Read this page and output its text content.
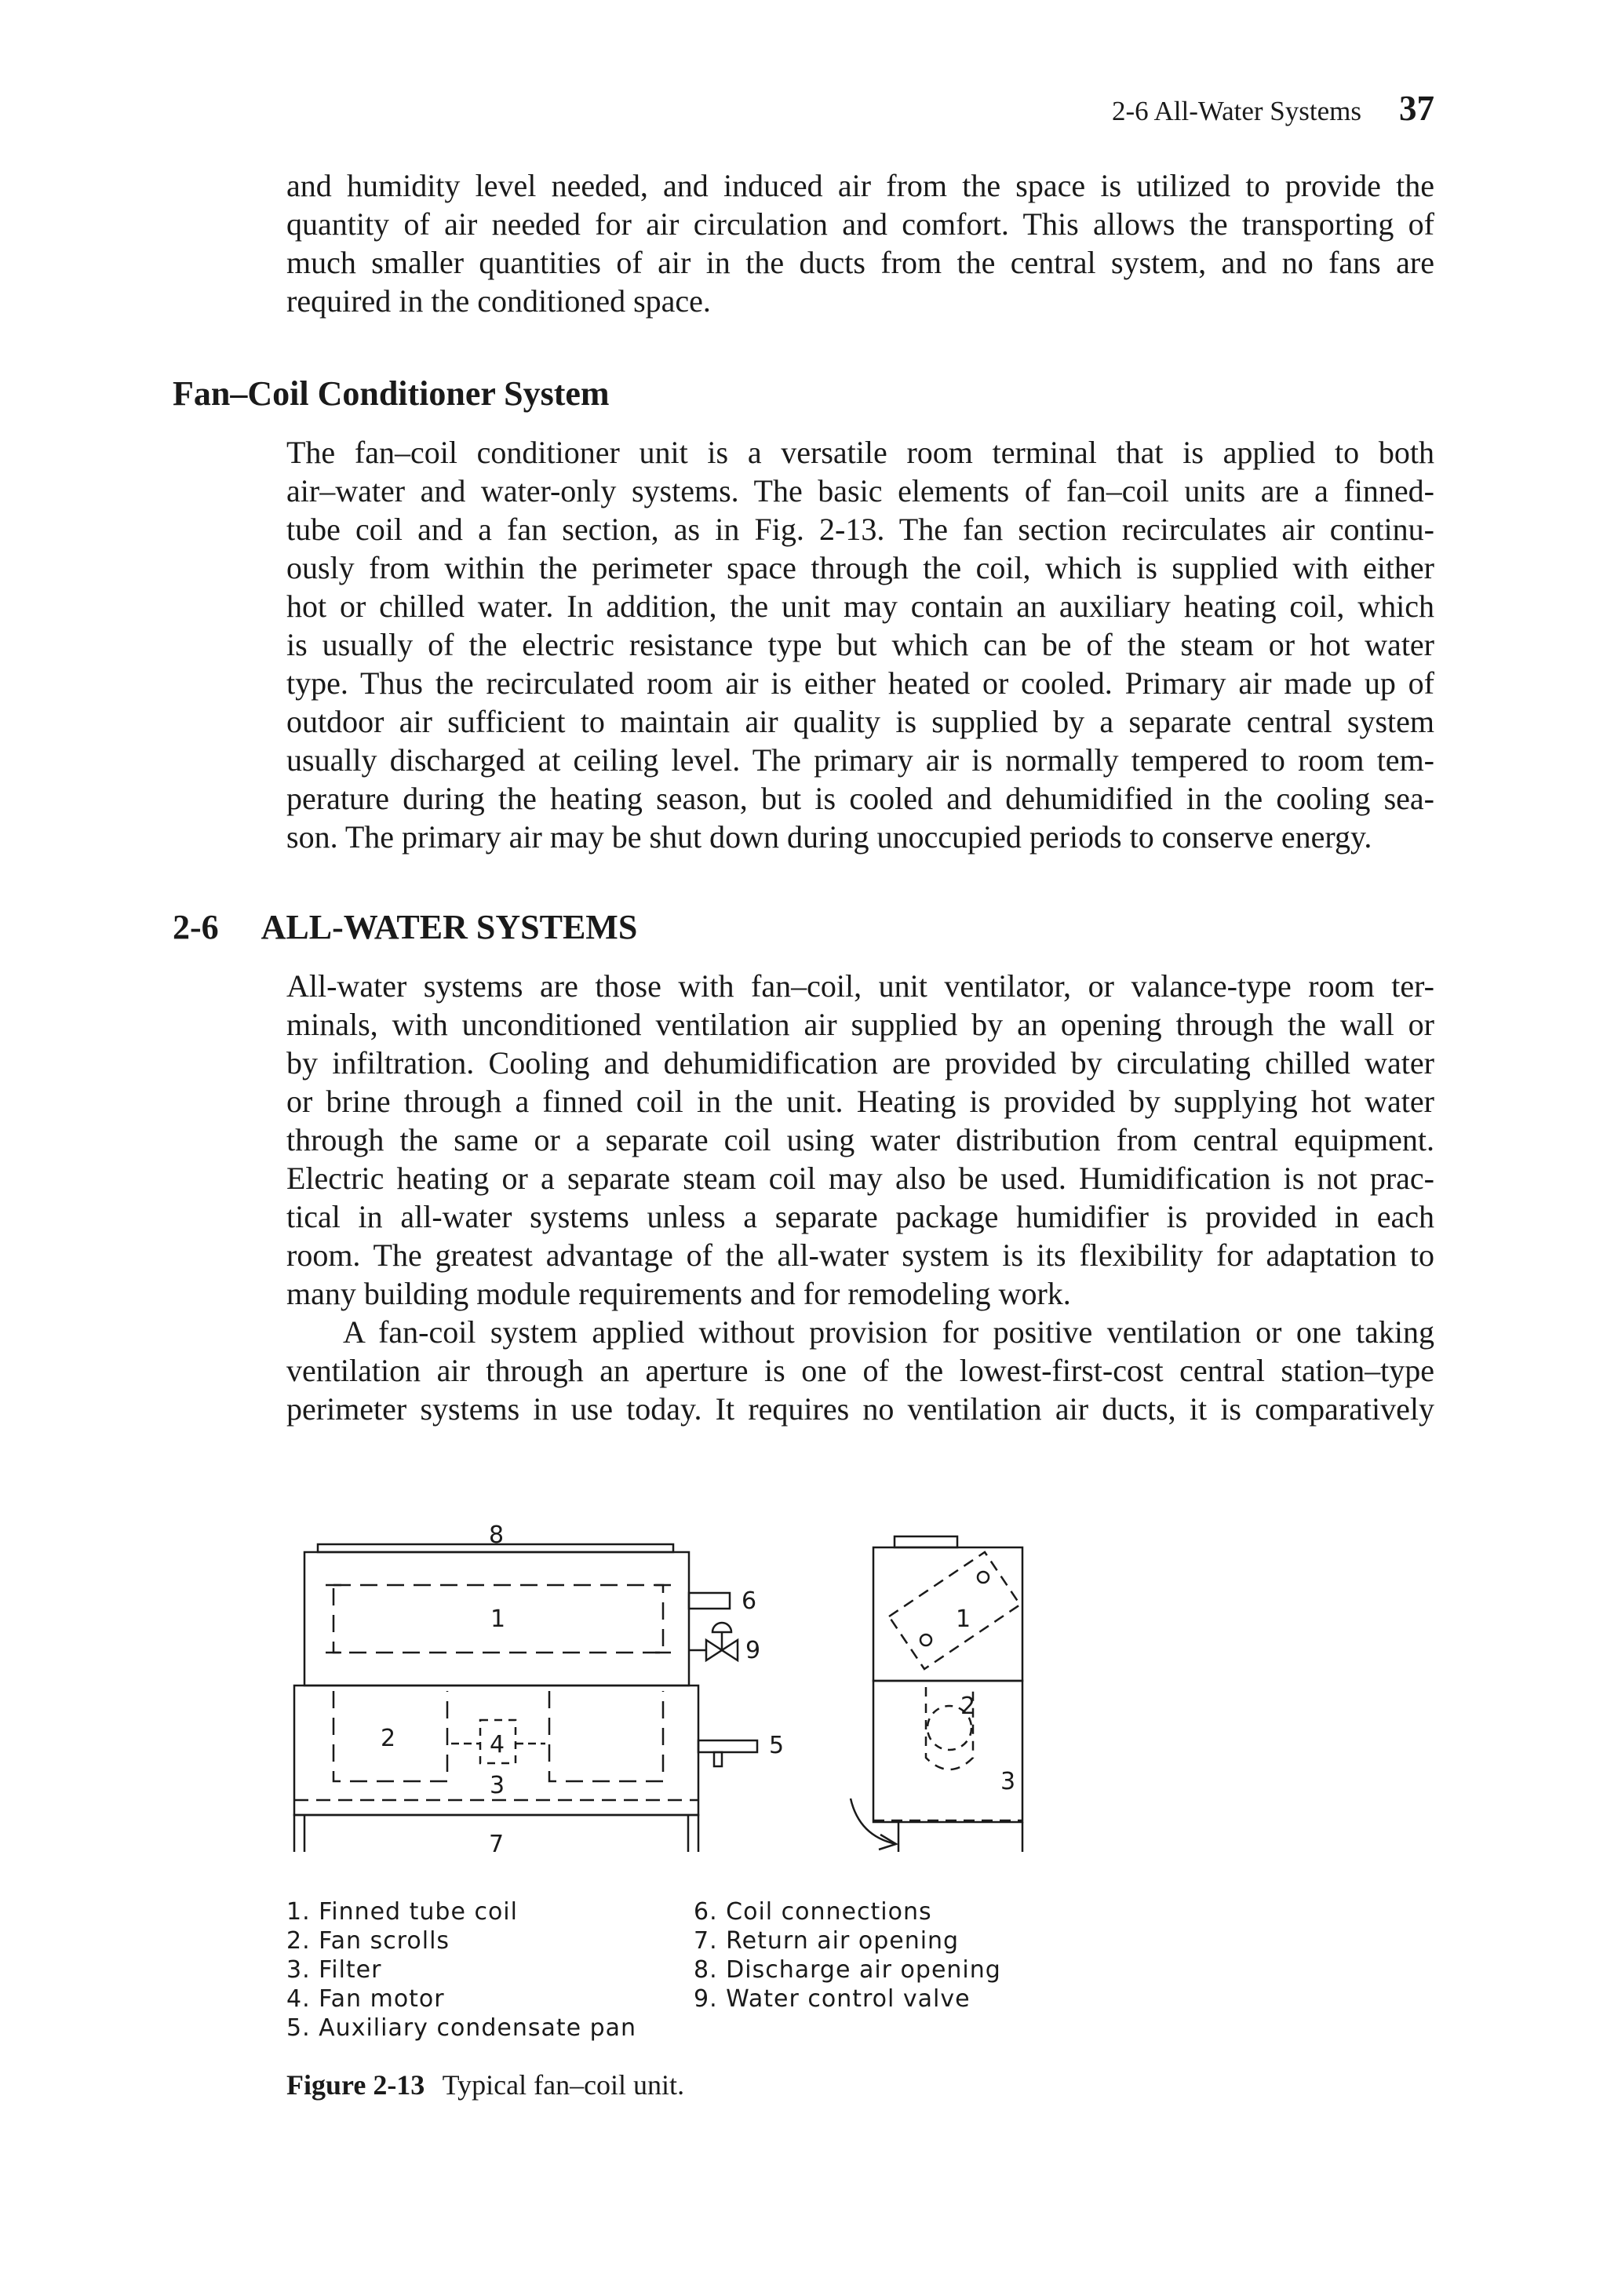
2-6 All-Water Systems 37
and humidity level needed, and induced air from the space is utilized to provide the
quantity of air needed for air circulation and comfort. This allows the transporting of
much smaller quantities of air in the ducts from the central system, and no fans are
required in the conditioned space.
Fan–Coil Conditioner System
The fan–coil conditioner unit is a versatile room terminal that is applied to both
air–water and water-only systems. The basic elements of fan–coil units are a finned-
tube coil and a fan section, as in Fig. 2-13. The fan section recirculates air continu-
ously from within the perimeter space through the coil, which is supplied with either
hot or chilled water. In addition, the unit may contain an auxiliary heating coil, which
is usually of the electric resistance type but which can be of the steam or hot water
type. Thus the recirculated room air is either heated or cooled. Primary air made up of
outdoor air sufficient to maintain air quality is supplied by a separate central system
usually discharged at ceiling level. The primary air is normally tempered to room tem-
perature during the heating season, but is cooled and dehumidified in the cooling sea-
son. The primary air may be shut down during unoccupied periods to conserve energy.
2-6 ALL-WATER SYSTEMS
All-water systems are those with fan–coil, unit ventilator, or valance-type room ter-
minals, with unconditioned ventilation air supplied by an opening through the wall or
by infiltration. Cooling and dehumidification are provided by circulating chilled water
or brine through a finned coil in the unit. Heating is provided by supplying hot water
through the same or a separate coil using water distribution from central equipment.
Electric heating or a separate steam coil may also be used. Humidification is not prac-
tical in all-water systems unless a separate package humidifier is provided in each
room. The greatest advantage of the all-water system is its flexibility for adaptation to
many building module requirements and for remodeling work.
A fan-coil system applied without provision for positive ventilation or one taking
ventilation air through an aperture is one of the lowest-first-cost central station–type
perimeter systems in use today. It requires no ventilation air ducts, it is comparatively
8
1
6
9
2	4
3
5
7
1
2
3
1. Finned tube coil
2. Fan scrolls
3. Filter
4. Fan motor
5. Auxiliary condensate pan
6. Coil connections
7. Return air opening
8. Discharge air opening
9. Water control valve
Figure 2-13 Typical fan–coil unit.
